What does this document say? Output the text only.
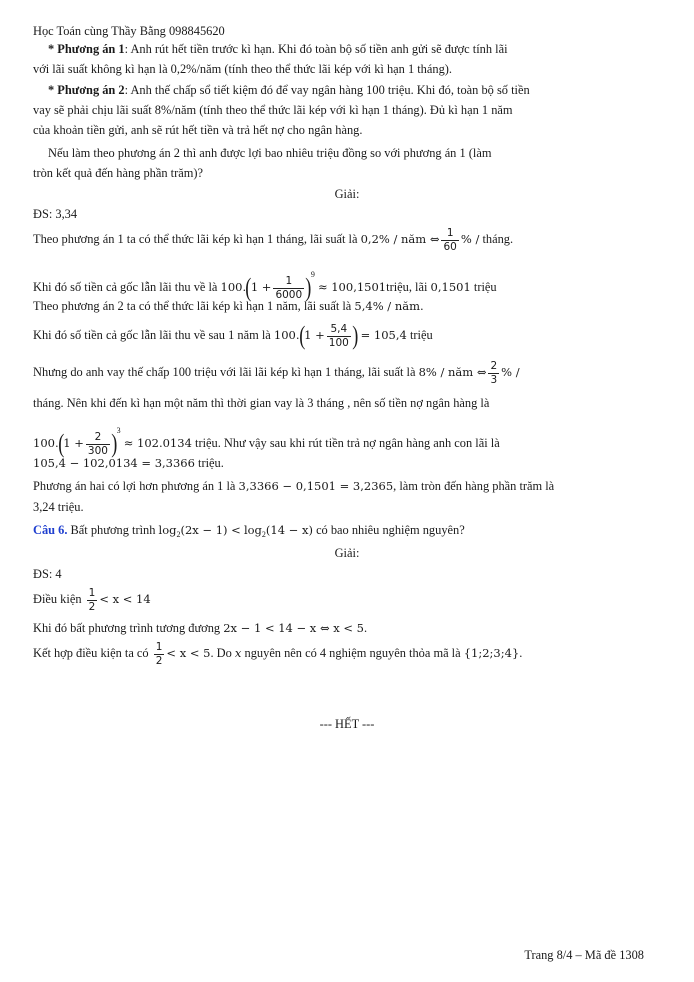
Học Toán cùng Thầy Bằng 098845620
* Phương án 1: Anh rút hết tiền trước kì hạn. Khi đó toàn bộ số tiền anh gửi sẽ được tính lãi
với lãi suất không kì hạn là 0,2%/năm (tính theo thể thức lãi kép với kì hạn 1 tháng).
* Phương án 2: Anh thế chấp sổ tiết kiệm đó để vay ngân hàng 100 triệu. Khi đó, toàn bộ số tiền
vay sẽ phải chịu lãi suất 8%/năm (tính theo thể thức lãi kép với kì hạn 1 tháng). Đủ kì hạn 1 năm
của khoản tiền gửi, anh sẽ rút hết tiền và trả hết nợ cho ngân hàng.
Nếu làm theo phương án 2 thì anh được lợi bao nhiêu triệu đồng so với phương án 1 (làm
tròn kết quả đến hàng phần trăm)?
Giải:
ĐS: 3,34
Theo phương án 1 ta có thể thức lãi kép kì hạn 1 tháng, lãi suất là 0,2% / năm ⇔ $\frac{1}{60}$ % / tháng.
Khi đó số tiền cả gốc lẫn lãi thu về là $100.(1 + \frac{1}{6000} )^9$ ≈ 100,1501triệu, lãi 0,1501 triệu
Theo phương án 2 ta có thể thức lãi kép kì hạn 1 năm, lãi suất là 5,4% / năm.
Khi đó số tiền cả gốc lẫn lãi thu về sau 1 năm là $100.(1 + \frac{5,4}{100}$ ) = 105,4 triệu
Nhưng do anh vay thế chấp 100 triệu với lãi lãi kép kì hạn 1 tháng, lãi suất là 8% / năm ⇔ $\frac{2}{3}$ % /
tháng. Nên khi đến kì hạn một năm thì thời gian vay là 3 tháng , nên số tiền nợ ngân hàng là
$100.(1 + \frac{2}{300} )^3 \approx 102.0134$ triệu. Như vậy sau khi rút tiền trả nợ ngân hàng anh con lãi là
105,4 − 102,0134 = 3,3366 triệu.
Phương án hai có lợi hơn phương án 1 là 3,3366 − 0,1501 = 3,2365, làm tròn đến hàng phần trăm là
3,24 triệu.
Câu 6. Bất phương trình $\log_2(2x - 1) < \log_2(14 - x)$ có bao nhiêu nghiệm nguyên?
Giải:
ĐS: 4
Điều kiện $\frac{1}{2} < x < 14$
Khi đó bất phương trình tương đương 2x − 1 < 14 − x ⇔ x < 5.
Kết hợp điều kiện ta có $\frac{1}{2} < x < 5$. Do x nguyên nên có 4 nghiệm nguyên thỏa mã là {1;2;3;4}.
--- HẾT ---
Trang 8/4 – Mã đề 1308
